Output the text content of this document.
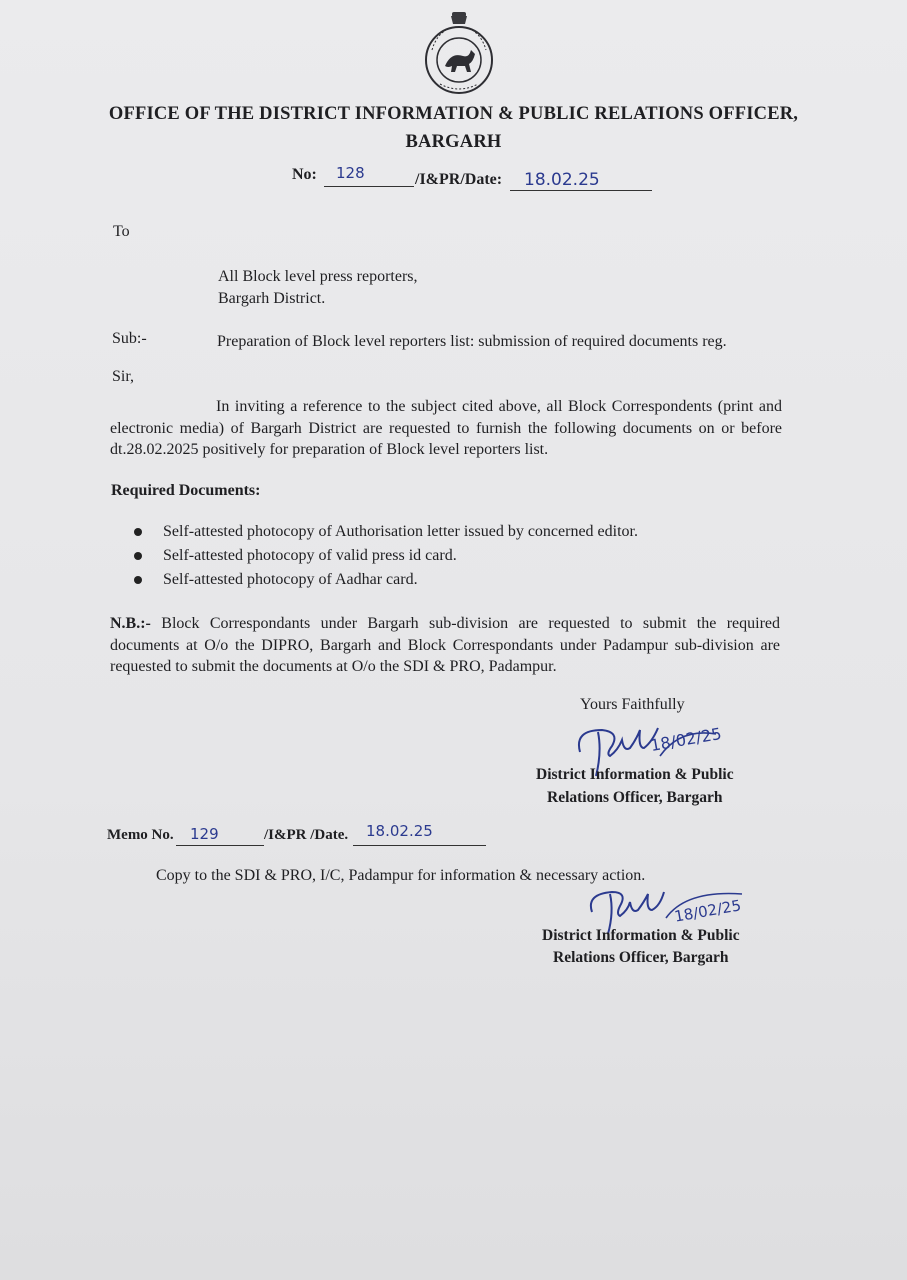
OFFICE OF THE DISTRICT INFORMATION & PUBLIC RELATIONS OFFICER,
BARGARH
No: 128	/I&PR/Date: 18.02.25
To
All Block level press reporters,
Bargarh District.
Sub:-	Preparation of Block level reporters list: submission of required documents reg.
Sir,
In inviting a reference to the subject cited above, all Block Correspondents (print and electronic media) of Bargarh District are requested to furnish the following documents on or before dt.28.02.2025 positively for preparation of Block level reporters list.
Required Documents:
Self-attested photocopy of Authorisation letter issued by concerned editor.
Self-attested photocopy of valid press id card.
Self-attested photocopy of Aadhar card.
N.B.:- Block Correspondants under Bargarh sub-division are requested to submit the required documents at O/o the DIPRO, Bargarh and Block Correspondants under Padampur sub-division are requested to submit the documents at O/o the SDI & PRO, Padampur.
Yours Faithfully
18/02/25
District Information & Public
Relations Officer, Bargarh
Memo No. 129	/I&PR /Date. 18.02.25
Copy to the SDI & PRO, I/C, Padampur for information & necessary action.
18/02/25
District Information & Public
Relations Officer, Bargarh
